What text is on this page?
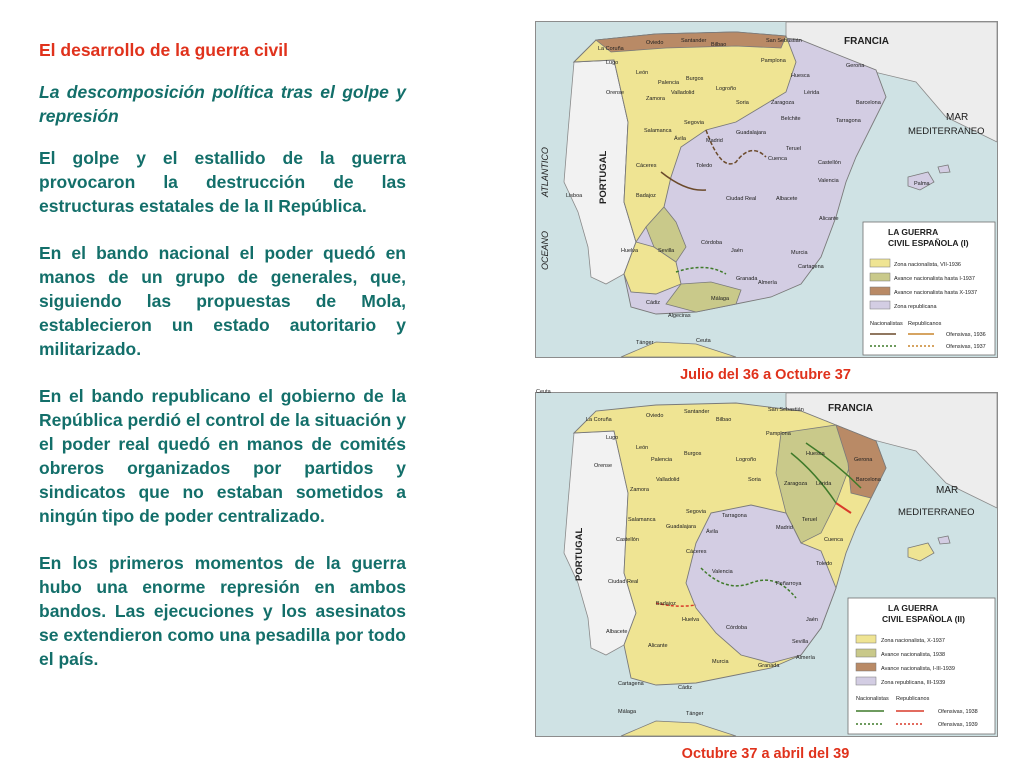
El desarrollo de la guerra civil
La descomposición política tras el golpe y represión
El golpe y el estallido de la guerra provocaron la destrucción de las estructuras estatales de la II República.
En el bando nacional el poder quedó en manos de un grupo de generales, que, siguiendo las propuestas de Mola, establecieron un estado autoritario y militarizado.
En el bando republicano el gobierno de la República perdió el control de la situación y el poder real quedó en manos de comités obreros organizados por partidos y sindicatos que no estaban sometidos a ningún tipo de poder centralizado.
En los primeros momentos de la guerra hubo una enorme represión en ambos bandos. Las ejecuciones y los asesinatos se extendieron como una pesadilla por todo el país.
FRANCIA
MAR
MEDITERRANEO
OCEANO
ATLANTICO	PORTUGAL
San Sebastián
La Coruña
Oviedo	Santander
Bilbao
Lugo	Pamplona
León
Palencia
Burgos	Huesca
Gerona
Orense
Zamora
Valladolid
Logroño
Soria
Lérida
Zaragoza	Barcelona
Belchite	Tarragona
Salamanca
Segovia
Ávila	Madrid
Guadalajara
Teruel
Castellón
Cáceres	Toledo
Cuenca
Valencia
Badajoz	Ciudad Real	Albacete
Alicante
Huelva	Sevilla
Córdoba
Jaén	Murcia
Cartagena
Granada
Almería
Cádiz
Málaga
Algeciras
Tánger	Ceuta
Lisboa
Palma
LA GUERRA
CIVIL ESPAÑOLA (I)
Zona nacionalista, VII-1936
Avance nacionalista hasta I-1937
Avance nacionalista hasta X-1937
Zona republicana
Nacionalistas Republicanos
Ofensivas, 1936
Ofensivas, 1937
Julio del 36 a Octubre 37
FRANCIA
MAR
MEDITERRANEO
PORTUGAL
La Coruña
Oviedo
San Sebastián
Santander
Lugo
Bilbao
Pamplona
León
Orense
Burgos
Palencia	Logroño
Huesca
Valladolid
Zamora
Soria
Gerona
Zaragoza Lérida
Salamanca
Segovia
Barcelona
Teruel
Tarragona
Guadalajara
Ávila
Madrid
Cuenca
Castellón
Cáceres
Toledo
Valencia
Ciudad Real
Badajoz
Peñarroya
Albacete
Huelva
Córdoba
Jaén
Alicante
Sevilla
Murcia
Granada
Almería
Cartagena
Cádiz
Málaga	Tánger
Ceuta
LA GUERRA
CIVIL ESPAÑOLA (II)
Zona nacionalista, X-1937
Avance nacionalista, 1938
Avance nacionalista, I-III-1939
Zona republicana, III-1939
Nacionalistas Republicanos
Ofensivas, 1938
Ofensivas, 1939
Octubre 37 a abril del 39
